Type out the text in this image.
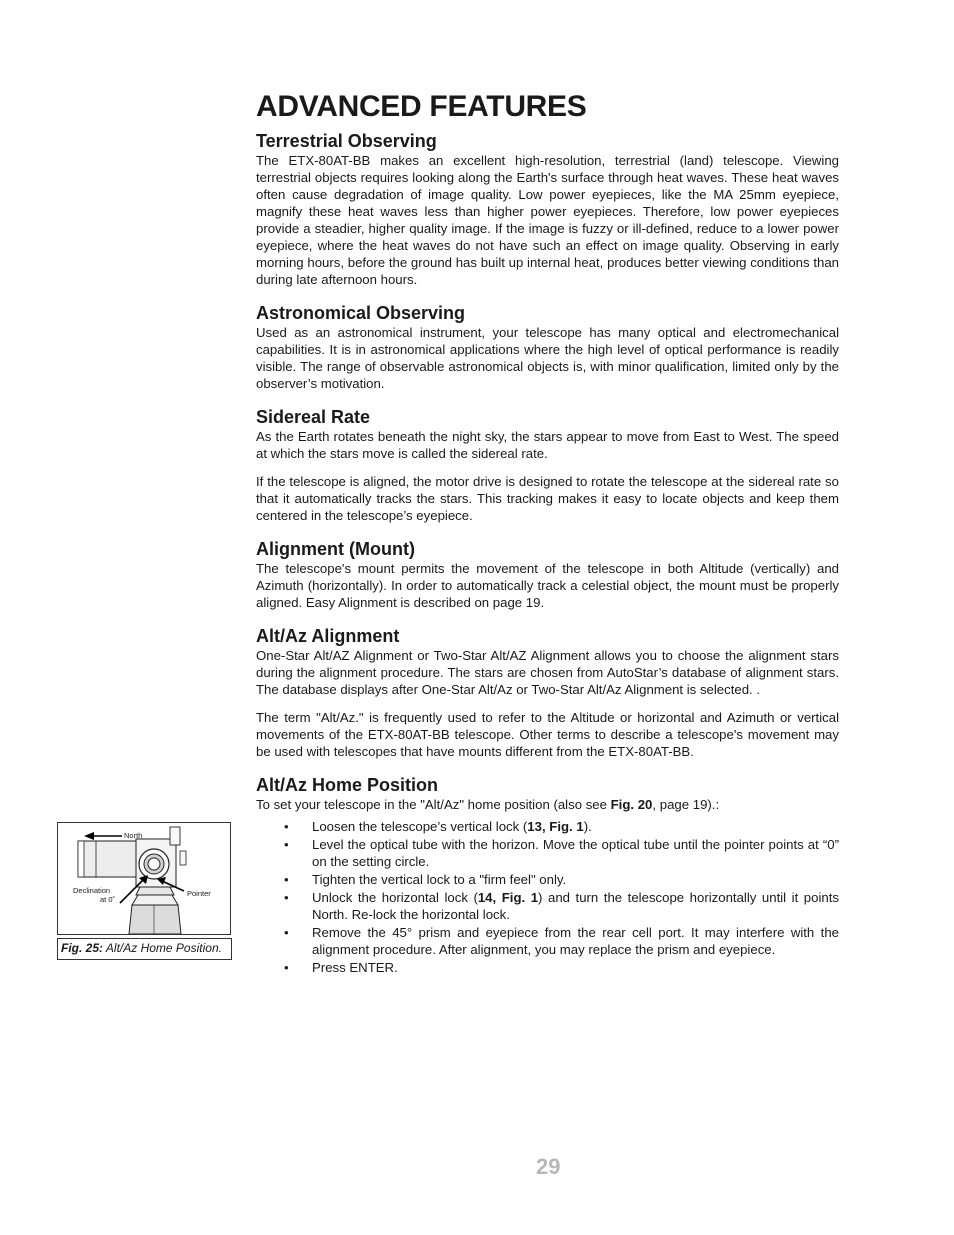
ADVANCED FEATURES
Terrestrial Observing

The ETX-80AT-BB makes an excellent high-resolution, terrestrial (land) telescope. Viewing terrestrial objects requires looking along the Earth's surface through heat waves. These heat waves often cause degradation of image quality. Low power eyepieces, like the MA 25mm eyepiece, magnify these heat waves less than higher power eyepieces. Therefore, low power eyepieces provide a steadier, higher quality image. If the image is fuzzy or ill-defined, reduce to a lower power eyepiece, where the heat waves do not have such an effect on image quality. Observing in early morning hours, before the ground has built up internal heat, produces better viewing conditions than during late afternoon hours.

Astronomical Observing

Used as an astronomical instrument, your telescope has many optical and electromechanical capabilities. It is in astronomical applications where the high level of optical performance is readily visible. The range of observable astronomical objects is, with minor qualification, limited only by the observer’s motivation.

Sidereal Rate

As the Earth rotates beneath the night sky, the stars appear to move from East to West. The speed at which the stars move is called the sidereal rate.

If the telescope is aligned, the motor drive is designed to rotate the telescope at the sidereal rate so that it automatically tracks the stars. This tracking makes it easy to locate objects and keep them centered in the telescope’s eyepiece.

Alignment (Mount)

The telescope's mount permits the movement of the telescope in both Altitude (vertically) and Azimuth (horizontally). In order to automatically track a celestial object, the mount must be properly aligned. Easy Alignment is described on page 19.

Alt/Az Alignment

One-Star Alt/AZ Alignment or Two-Star Alt/AZ Alignment allows you to choose the alignment stars during the alignment procedure. The stars are chosen from AutoStar’s database of alignment stars. The database displays after One-Star Alt/Az or Two-Star Alt/Az Alignment is selected. .

The term "Alt/Az." is frequently used to refer to the Altitude or horizontal and Azimuth or vertical movements of the ETX-80AT-BB telescope. Other terms to describe a telescope's movement may be used with telescopes that have mounts different from the ETX-80AT-BB.

Alt/Az Home Position

To set your telescope in the "Alt/Az" home position (also see Fig. 20, page 19).:

• Loosen the telescope’s vertical lock (13, Fig. 1).
• Level the optical tube with the horizon. Move the optical tube until the pointer points at “0” on the setting circle.
• Tighten the vertical lock to a "firm feel" only.
• Unlock the horizontal lock (14, Fig. 1) and turn the telescope horizontally until it points North. Re-lock the horizontal lock.
• Remove the 45° prism and eyepiece from the rear cell port. It may interfere with the alignment procedure. After alignment, you may replace the prism and eyepiece.
• Press ENTER.
North
Declination
at 0˚
Pointer
Fig. 25: Alt/Az Home Position.
29
